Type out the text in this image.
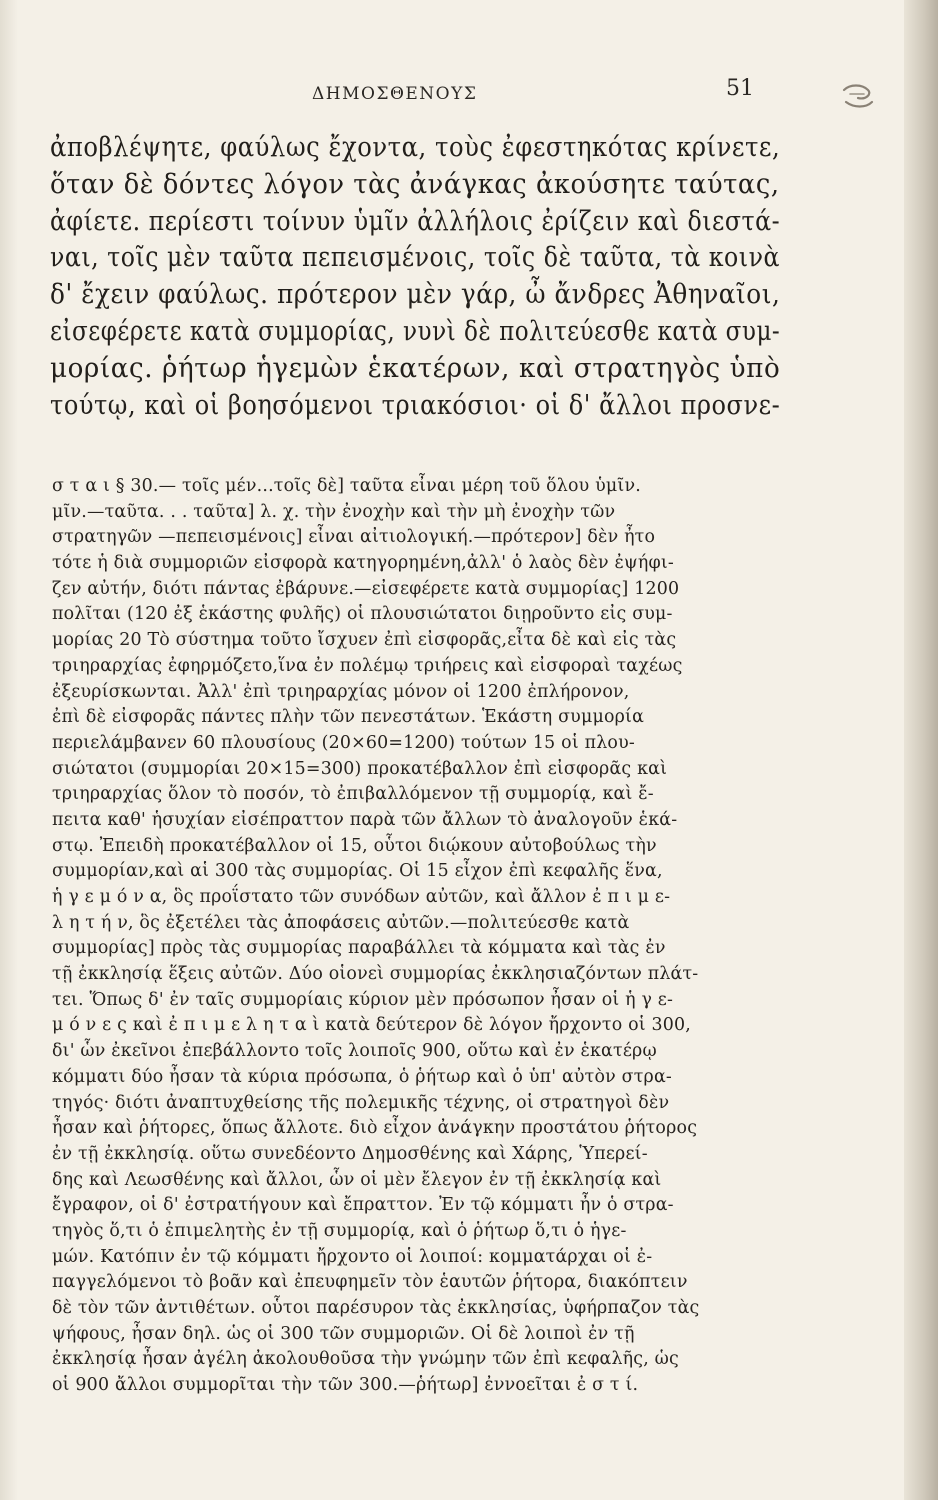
ΔΗΜΟΣΘΕΝΟΥΣ	51
ἀποβλέψητε, φαύλως ἔχοντα, τοὺς ἐφεστηκότας κρίνετε,
ὅταν δὲ δόντες λόγον τὰς ἀνάγκας ἀκούσητε ταύτας,
ἀφίετε. περίεστι τοίνυν ὑμῖν ἀλλήλοις ἐρίζειν καὶ διεστά-
ναι, τοῖς μὲν ταῦτα πεπεισμένοις, τοῖς δὲ ταῦτα, τὰ κοινὰ
δ' ἔχειν φαύλως. πρότερον μὲν γάρ, ὦ ἄνδρες Ἀθηναῖοι,
εἰσεφέρετε κατὰ συμμορίας, νυνὶ δὲ πολιτεύεσθε κατὰ συμ-
μορίας. ῥήτωρ ἡγεμὼν ἑκατέρων, καὶ στρατηγὸς ὑπὸ
τούτῳ, καὶ οἱ βοησόμενοι τριακόσιοι· οἱ δ' ἄλλοι προσνε-
σ τ α ι § 30.— τοῖς μέν...τοῖς δὲ] ταῦτα εἶναι μέρη τοῦ ὅλου ὑμῖν.
μῖν.—ταῦτα. . . ταῦτα] λ. χ. τὴν ἐνοχὴν καὶ τὴν μὴ ἐνοχὴν τῶν
στρατηγῶν —πεπεισμένοις] εἶναι αἰτιολογική.—πρότερον] δὲν ἦτο
τότε ἡ διὰ συμμοριῶν εἰσφορὰ κατηγορημένη,ἀλλ' ὁ λαὸς δὲν ἐψήφι-
ζεν αὐτήν, διότι πάντας ἐβάρυνε.—εἰσεφέρετε κατὰ συμμορίας] 1200
πολῖται (120 ἐξ ἑκάστης φυλῆς) οἱ πλουσιώτατοι διῃροῦντο εἰς συμ-
μορίας 20 Τὸ σύστημα τοῦτο ἴσχυεν ἐπὶ εἰσφορᾶς,εἶτα δὲ καὶ εἰς τὰς
τριηραρχίας ἐφηρμόζετο,ἵνα ἐν πολέμῳ τριήρεις καὶ εἰσφοραὶ ταχέως
ἐξευρίσκωνται. Ἀλλ' ἐπὶ τριηραρχίας μόνον οἱ 1200 ἐπλήρονον,
ἐπὶ δὲ εἰσφορᾶς πάντες πλὴν τῶν πενεστάτων. Ἑκάστη συμμορία
περιελάμβανεν 60 πλουσίους (20×60=1200) τούτων 15 οἱ πλου-
σιώτατοι (συμμορίαι 20×15=300) προκατέβαλλον ἐπὶ εἰσφορᾶς καὶ
τριηραρχίας ὅλον τὸ ποσόν, τὸ ἐπιβαλλόμενον τῇ συμμορίᾳ, καὶ ἔ-
πειτα καθ' ἡσυχίαν εἰσέπραττον παρὰ τῶν ἄλλων τὸ ἀναλογοῦν ἑκά-
στῳ. Ἐπειδὴ προκατέβαλλον οἱ 15, οὗτοι διῴκουν αὐτοβούλως τὴν
συμμορίαν,καὶ αἱ 300 τὰς συμμορίας. Οἱ 15 εἶχον ἐπὶ κεφαλῆς ἕνα,
ἡ γ ε μ ό ν α, ὃς προΐστατο τῶν συνόδων αὐτῶν, καὶ ἄλλον ἐ π ι μ ε-
λ η τ ή ν, ὃς ἐξετέλει τὰς ἀποφάσεις αὐτῶν.—πολιτεύεσθε κατὰ
συμμορίας] πρὸς τὰς συμμορίας παραβάλλει τὰ κόμματα καὶ τὰς ἐν
τῇ ἐκκλησίᾳ ἕξεις αὐτῶν. Δύο οἱονεὶ συμμορίας ἐκκλησιαζόντων πλάτ-
τει. Ὅπως δ' ἐν ταῖς συμμορίαις κύριον μὲν πρόσωπον ἦσαν οἱ ἡ γ ε-
μ ό ν ε ς καὶ ἐ π ι μ ε λ η τ α ὶ κατὰ δεύτερον δὲ λόγον ἤρχοντο οἱ 300,
δι' ὧν ἐκεῖνοι ἐπεβάλλοντο τοῖς λοιποῖς 900, οὕτω καὶ ἐν ἑκατέρῳ
κόμματι δύο ἦσαν τὰ κύρια πρόσωπα, ὁ ῥήτωρ καὶ ὁ ὑπ' αὐτὸν στρα-
τηγός· διότι ἀναπτυχθείσης τῆς πολεμικῆς τέχνης, οἱ στρατηγοὶ δὲν
ἦσαν καὶ ῥήτορες, ὅπως ἄλλοτε. διὸ εἶχον ἀνάγκην προστάτου ῥήτορος
ἐν τῇ ἐκκλησίᾳ. οὕτω συνεδέοντο Δημοσθένης καὶ Χάρης, Ὑπερεί-
δης καὶ Λεωσθένης καὶ ἄλλοι, ὧν οἱ μὲν ἔλεγον ἐν τῇ ἐκκλησίᾳ καὶ
ἔγραφον, οἱ δ' ἐστρατήγουν καὶ ἔπραττον. Ἐν τῷ κόμματι ἦν ὁ στρα-
τηγὸς ὅ,τι ὁ ἐπιμελητὴς ἐν τῇ συμμορίᾳ, καὶ ὁ ῥήτωρ ὅ,τι ὁ ἡγε-
μών. Κατόπιν ἐν τῷ κόμματι ἤρχοντο οἱ λοιποί: κομματάρχαι οἱ ἐ-
παγγελόμενοι τὸ βοᾶν καὶ ἐπευφημεῖν τὸν ἑαυτῶν ῥήτορα, διακόπτειν
δὲ τὸν τῶν ἀντιθέτων. οὗτοι παρέσυρον τὰς ἐκκλησίας, ὑφήρπαζον τὰς
ψήφους, ἦσαν δηλ. ὡς οἱ 300 τῶν συμμοριῶν. Οἱ δὲ λοιποὶ ἐν τῇ
ἐκκλησίᾳ ἦσαν ἀγέλη ἀκολουθοῦσα τὴν γνώμην τῶν ἐπὶ κεφαλῆς, ὡς
οἱ 900 ἄλλοι συμμορῖται τὴν τῶν 300.—ῥήτωρ] ἐννοεῖται ἐ σ τ ί.
